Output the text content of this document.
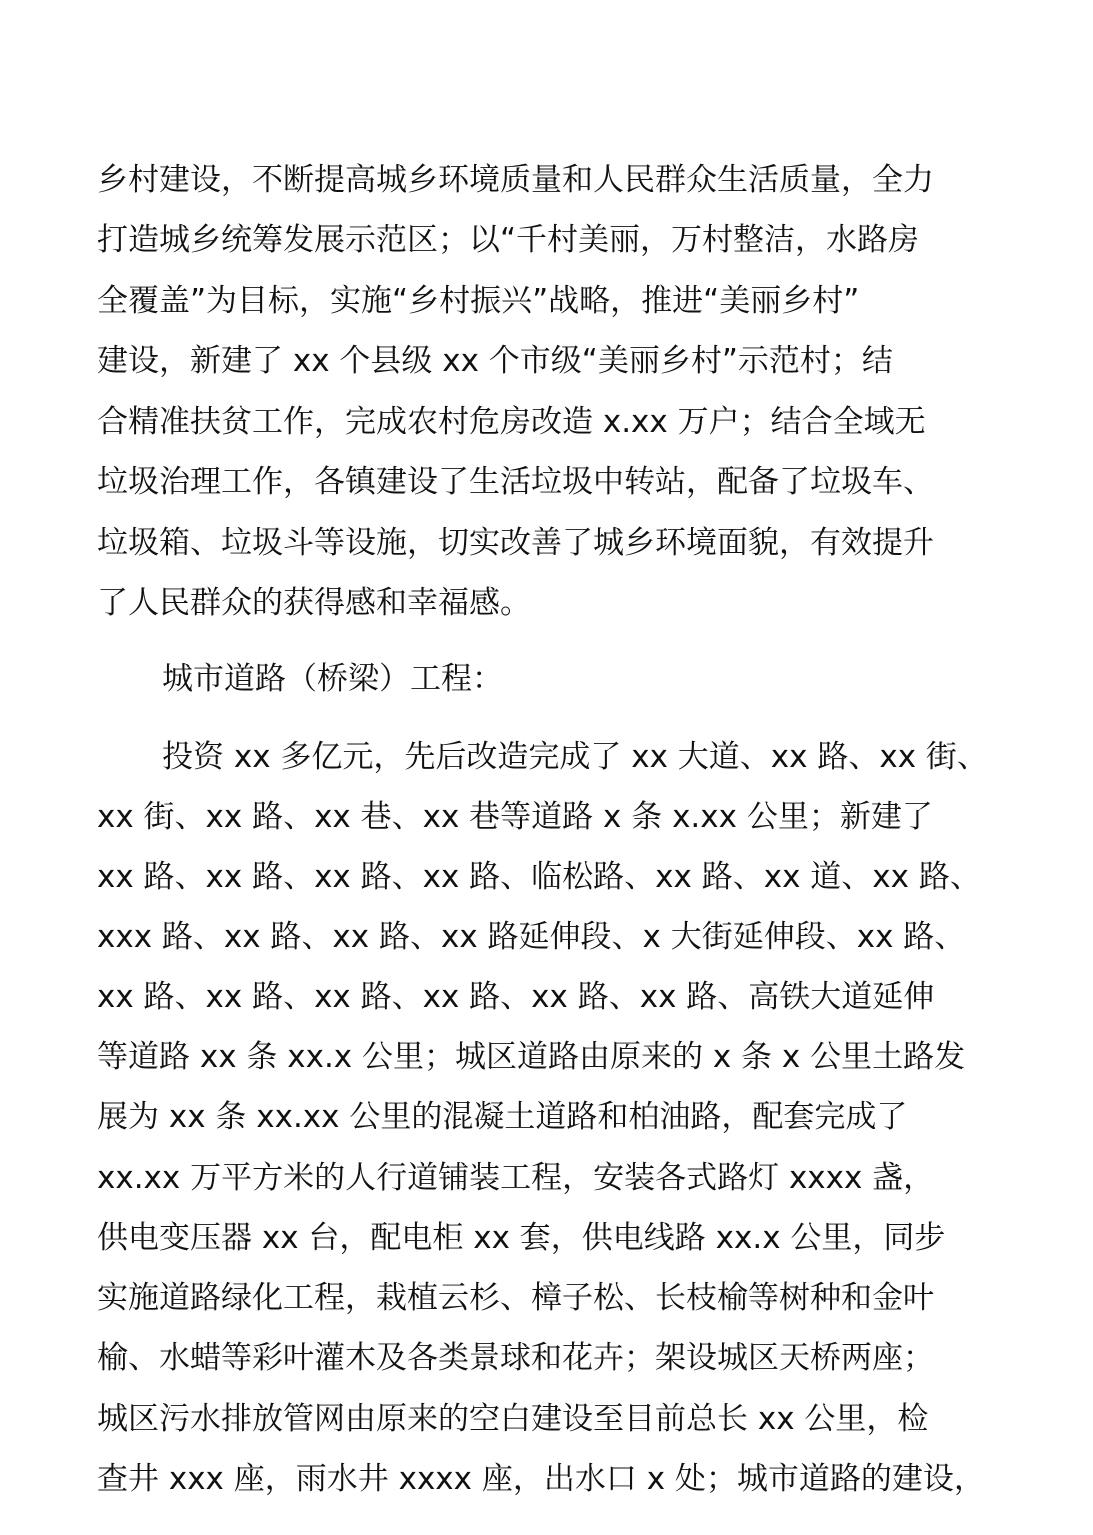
乡村建设，不断提高城乡环境质量和人民群众生活质量，全力
打造城乡统筹发展示范区；以“千村美丽，万村整洁，水路房
全覆盖”为目标，实施“乡村振兴”战略，推进“美丽乡村”
建设，新建了 xx 个县级 xx 个市级“美丽乡村”示范村；结
合精准扶贫工作，完成农村危房改造 x.xx 万户；结合全域无
垃圾治理工作，各镇建设了生活垃圾中转站，配备了垃圾车、
垃圾箱、垃圾斗等设施，切实改善了城乡环境面貌，有效提升
了人民群众的获得感和幸福感。
城市道路（桥梁）工程：
投资 xx 多亿元，先后改造完成了 xx 大道、xx 路、xx 街、
xx 街、xx 路、xx 巷、xx 巷等道路 x 条 x.xx 公里；新建了
xx 路、xx 路、xx 路、xx 路、临松路、xx 路、xx 道、xx 路、
xxx 路、xx 路、xx 路、xx 路延伸段、x 大街延伸段、xx 路、
xx 路、xx 路、xx 路、xx 路、xx 路、xx 路、高铁大道延伸
等道路 xx 条 xx.x 公里；城区道路由原来的 x 条 x 公里土路发
展为 xx 条 xx.xx 公里的混凝土道路和柏油路，配套完成了
xx.xx 万平方米的人行道铺装工程，安装各式路灯 xxxx 盏，
供电变压器 xx 台，配电柜 xx 套，供电线路 xx.x 公里，同步
实施道路绿化工程，栽植云杉、樟子松、长枝榆等树种和金叶
榆、水蜡等彩叶灌木及各类景球和花卉；架设城区天桥两座；
城区污水排放管网由原来的空白建设至目前总长 xx 公里，检
查井 xxx 座，雨水井 xxxx 座，出水口 x 处；城市道路的建设，
